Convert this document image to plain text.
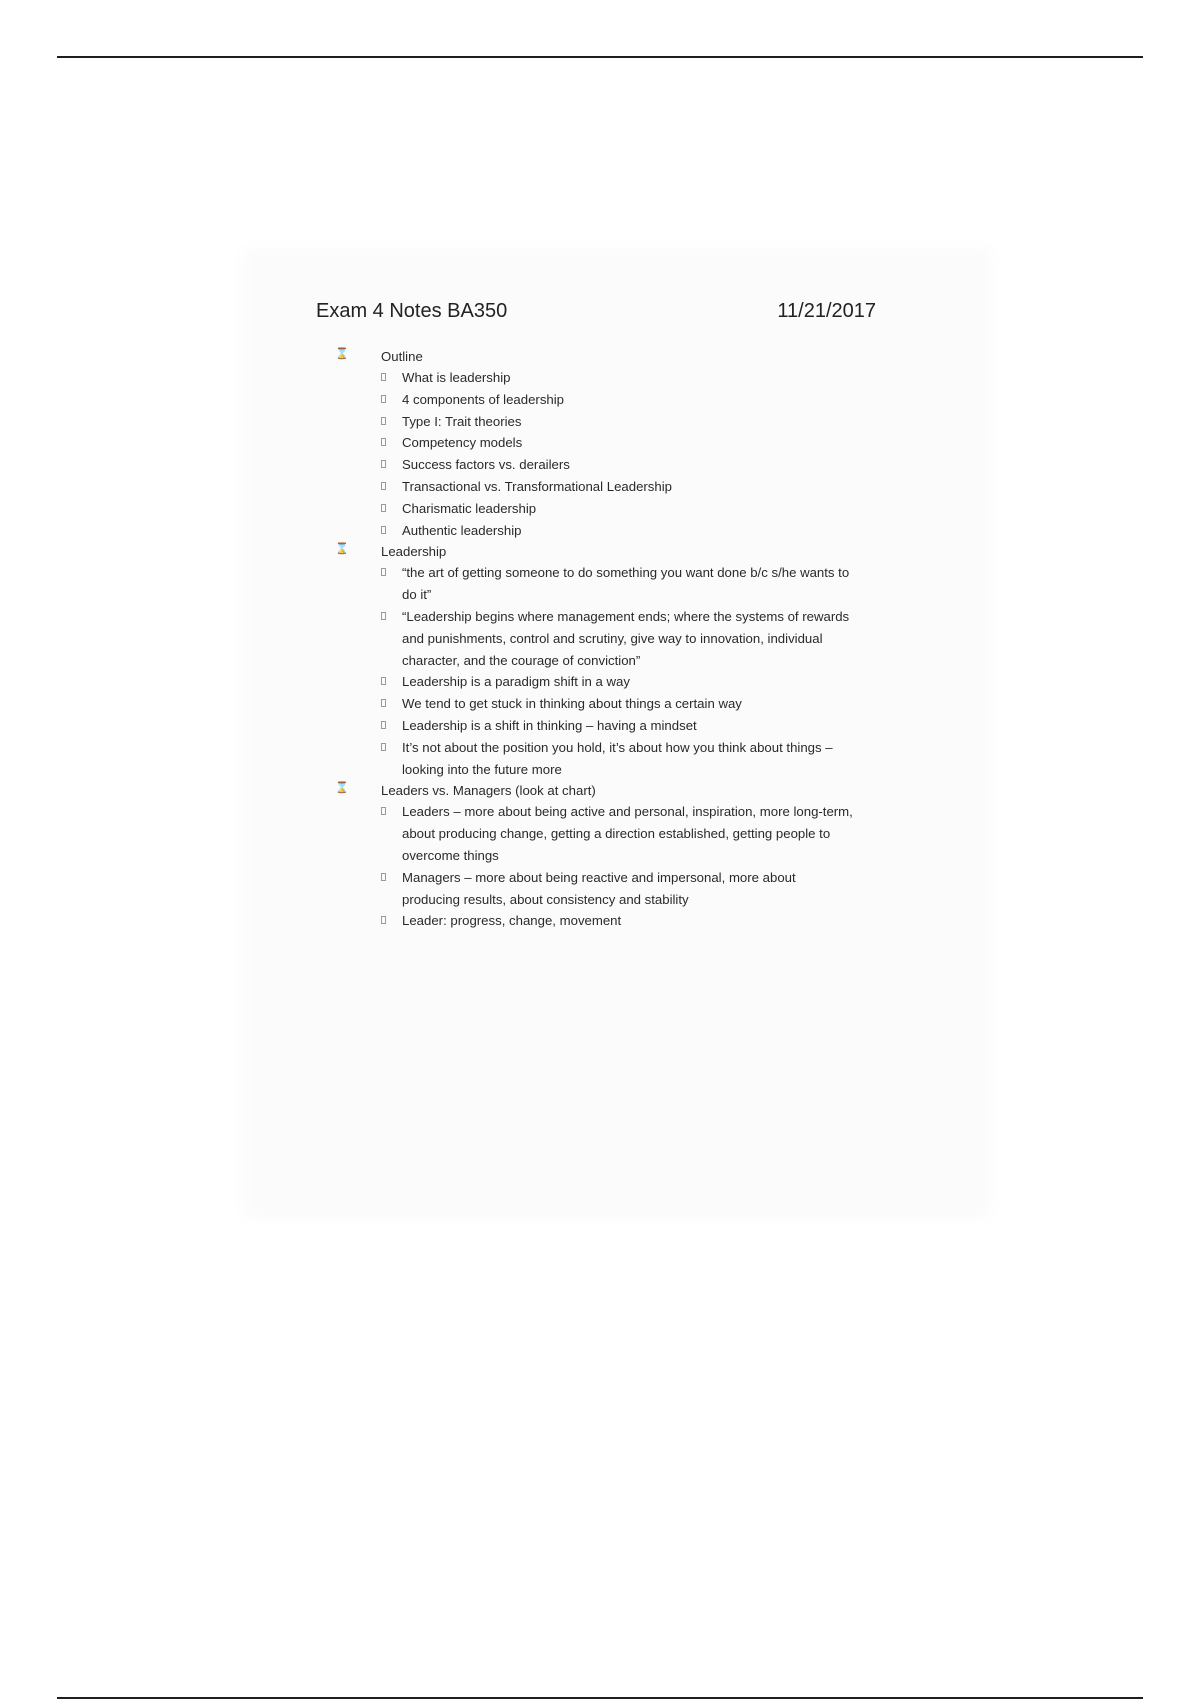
Exam 4 Notes BA350	11/21/2017
⌛ Outline
What is leadership
4 components of leadership
Type I: Trait theories
Competency models
Success factors vs. derailers
Transactional vs. Transformational Leadership
Charismatic leadership
Authentic leadership
⌛ Leadership
“the art of getting someone to do something you want done b/c s/he wants to do it”
“Leadership begins where management ends; where the systems of rewards and punishments, control and scrutiny, give way to innovation, individual character, and the courage of conviction”
Leadership is a paradigm shift in a way
We tend to get stuck in thinking about things a certain way
Leadership is a shift in thinking – having a mindset
It’s not about the position you hold, it’s about how you think about things – looking into the future more
⌛ Leaders vs. Managers (look at chart)
Leaders – more about being active and personal, inspiration, more long-term, about producing change, getting a direction established, getting people to overcome things
Managers – more about being reactive and impersonal, more about producing results, about consistency and stability
Leader: progress, change, movement
